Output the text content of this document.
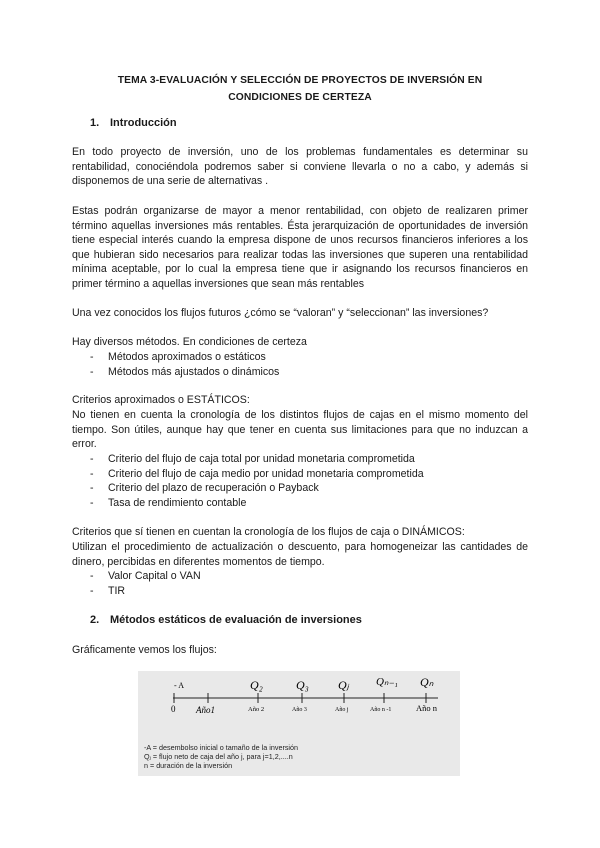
TEMA 3-EVALUACIÓN Y SELECCIÓN DE PROYECTOS DE INVERSIÓN EN
CONDICIONES DE CERTEZA
1. Introducción

En todo proyecto de inversión, uno de los problemas fundamentales es determinar su rentabilidad, conociéndola podremos saber si conviene llevarla o no a cabo, y además si disponemos de una serie de alternativas .

Estas podrán organizarse de mayor a menor rentabilidad, con objeto de realizaren primer término aquellas inversiones más rentables. Ésta jerarquización de oportunidades de inversión tiene especial interés cuando la empresa dispone de unos recursos financieros inferiores a los que hubieran sido necesarios para realizar todas las inversiones que superen una rentabilidad mínima aceptable, por lo cual la empresa tiene que ir asignando los recursos financieros en primer término a aquellas inversiones que sean más rentables

Una vez conocidos los flujos futuros ¿cómo se “valoran” y “seleccionan” las inversiones?

Hay diversos métodos. En condiciones de certeza

- Métodos aproximados o estáticos
- Métodos más ajustados o dinámicos

Criterios aproximados o ESTÁTICOS:

No tienen en cuenta la cronología de los distintos flujos de cajas en el mismo momento del tiempo. Son útiles, aunque hay que tener en cuenta sus limitaciones para que no induzcan a error.

- Criterio del flujo de caja total por unidad monetaria comprometida
- Criterio del flujo de caja medio por unidad monetaria comprometida
- Criterio del plazo de recuperación o Payback
- Tasa de rendimiento contable

Criterios que sí tienen en cuentan la cronología de los flujos de caja o DINÁMICOS:

Utilizan el procedimiento de actualización o descuento, para homogeneizar las cantidades de dinero, percibidas en diferentes momentos de tiempo.

- Valor Capital o VAN
- TIR
2. Métodos estáticos de evaluación de inversiones

Gráficamente vemos los flujos:

- A	Q₂	Q₃ Qⱼ Qₙ₋₁ Qₙ
0 Año1	Año 2	Año 3	Año j	Año n -1	Año n
-A = desembolso inicial o tamaño de la inversión
Qⱼ = flujo neto de caja del año j, para j=1,2,....n
n = duración de la inversión
